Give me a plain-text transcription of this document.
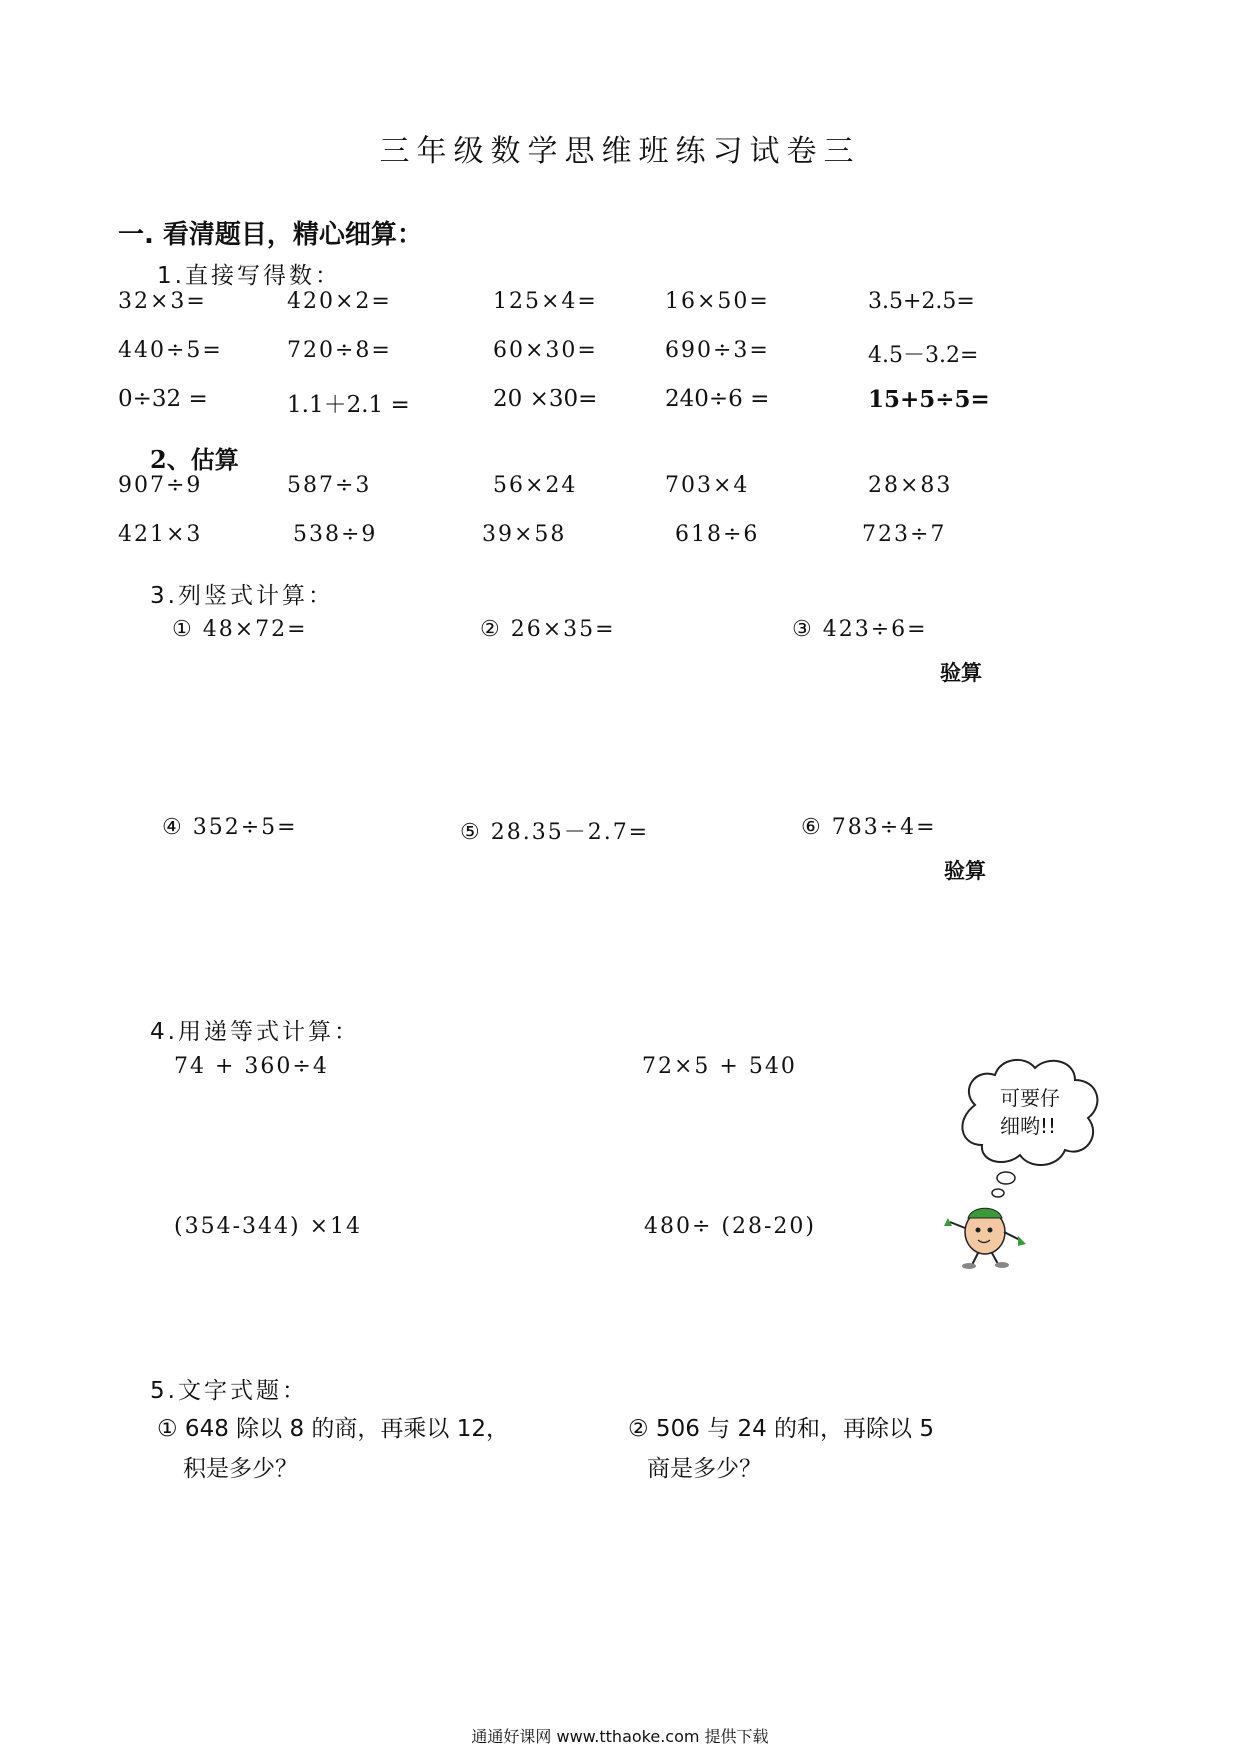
三年级数学思维班练习试卷三
一. 看清题目，精心细算：
1.直接写得数：
32×3=	420×2=	125×4=	16×50=	3.5+2.5=
440÷5=	720÷8=	60×30=	690÷3=	4.5－3.2=
0÷32 =	1.1＋2.1 =	20 ×30=	240÷6 =	15+5÷5=
2、估算
907÷9	587÷3	56×24	703×4	28×83
421×3	538÷9	39×58	618÷6	723÷7
3.列竖式计算：
① 48×72=	② 26×35=	③ 423÷6=
验算
④ 352÷5=	⑤ 28.35－2.7=	⑥ 783÷4=
验算
4.用递等式计算：
74 + 360÷4	72×5 + 540
(354-344) ×14	480÷ (28-20)
可要仔
细哟!!
5.文字式题：
① 648 除以 8 的商，再乘以 12，
积是多少？
② 506 与 24 的和，再除以 5
商是多少？
通通好课网 www.tthaoke.com 提供下载
